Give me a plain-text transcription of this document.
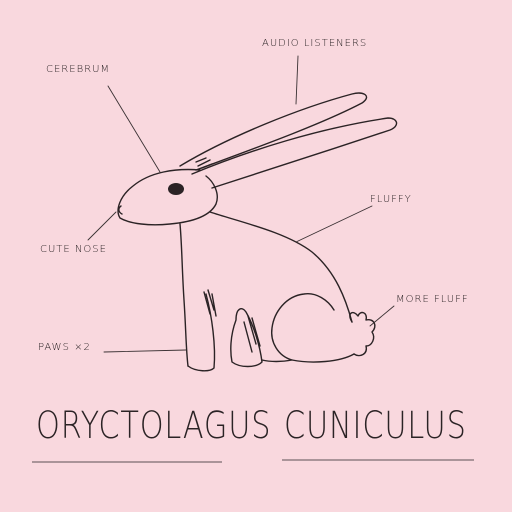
CEREBRUM
AUDIO LISTENERS
FLUFFY
CUTE NOSE
MORE FLUFF
PAWS ×2
ORYCTOLAGUS CUNICULUS
